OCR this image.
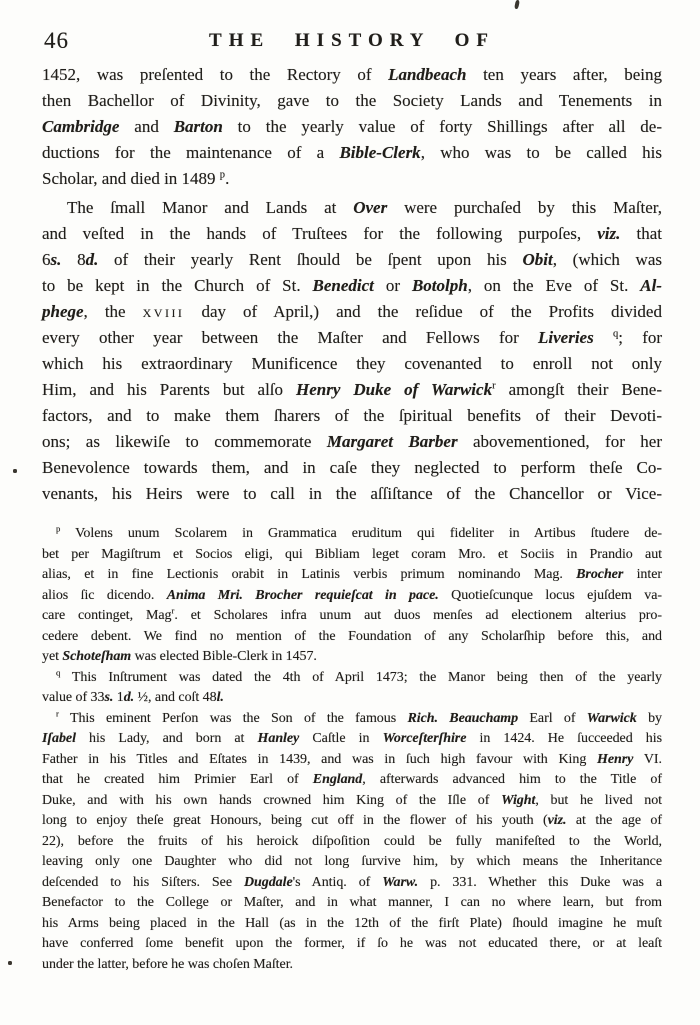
46	THE HISTORY OF
1452, was preſented to the Rectory of Landbeach ten years after, being
then Bachellor of Divinity, gave to the Society Lands and Tenements in
Cambridge and Barton to the yearly value of forty Shillings after all de-
ductions for the maintenance of a Bible-Clerk, who was to be called his
Scholar, and died in 1489 $^p$.
The ſmall Manor and Lands at Over were purchaſed by this Maſter,
and veſted in the hands of Truſtees for the following purpoſes, viz. that
6s. 8d. of their yearly Rent ſhould be ſpent upon his Obit, (which was
to be kept in the Church of St. Benedict or Botolph, on the Eve of St. Al-
phege, the xviii day of April,) and the reſidue of the Profits divided
every other year between the Maſter and Fellows for Liveries $^q$; for
which his extraordinary Munificence they covenanted to enroll not only
Him, and his Parents but alſo Henry Duke of Warwick$^r$ amongſt their Bene-
factors, and to make them ſharers of the ſpiritual benefits of their Devoti-
ons; as likewiſe to commemorate Margaret Barber abovementioned, for her
Benevolence towards them, and in caſe they neglected to perform theſe Co-
venants, his Heirs were to call in the aſſiſtance of the Chancellor or Vice-
$^p$ Volens unum Scolarem in Grammatica eruditum qui fideliter in Artibus ſtudere de-
bet per Magiſtrum et Socios eligi, qui Bibliam leget coram Mro. et Sociis in Prandio aut
alias, et in fine Lectionis orabit in Latinis verbis primum nominando Mag. Brocher inter
alios ſic dicendo. Anima Mri. Brocher requieſcat in pace. Quotieſcunque locus ejuſdem va-
care continget, Mag$^r$. et Scholares infra unum aut duos menſes ad electionem alterius pro-
cedere debent. We find no mention of the Foundation of any Scholarſhip before this, and
yet Schoteſham was elected Bible-Clerk in 1457.
$^q$ This Inſtrument was dated the 4th of April 1473; the Manor being then of the yearly
value of 33s. 1d. ½, and coſt 48l.
$^r$ This eminent Perſon was the Son of the famous Rich. Beauchamp Earl of Warwick by
Iſabel his Lady, and born at Hanley Caſtle in Worceſterſhire in 1424. He ſucceeded his
Father in his Titles and Eſtates in 1439, and was in ſuch high favour with King Henry VI.
that he created him Primier Earl of England, afterwards advanced him to the Title of
Duke, and with his own hands crowned him King of the Iſle of Wight, but he lived not
long to enjoy theſe great Honours, being cut off in the flower of his youth (viz. at the age of
22), before the fruits of his heroick diſpoſition could be fully manifeſted to the World,
leaving only one Daughter who did not long ſurvive him, by which means the Inheritance
deſcended to his Siſters. See Dugdale's Antiq. of Warw. p. 331. Whether this Duke was a
Benefactor to the College or Maſter, and in what manner, I can no where learn, but from
his Arms being placed in the Hall (as in the 12th of the firſt Plate) ſhould imagine he muſt
have conferred ſome benefit upon the former, if ſo he was not educated there, or at leaſt
under the latter, before he was choſen Maſter.
